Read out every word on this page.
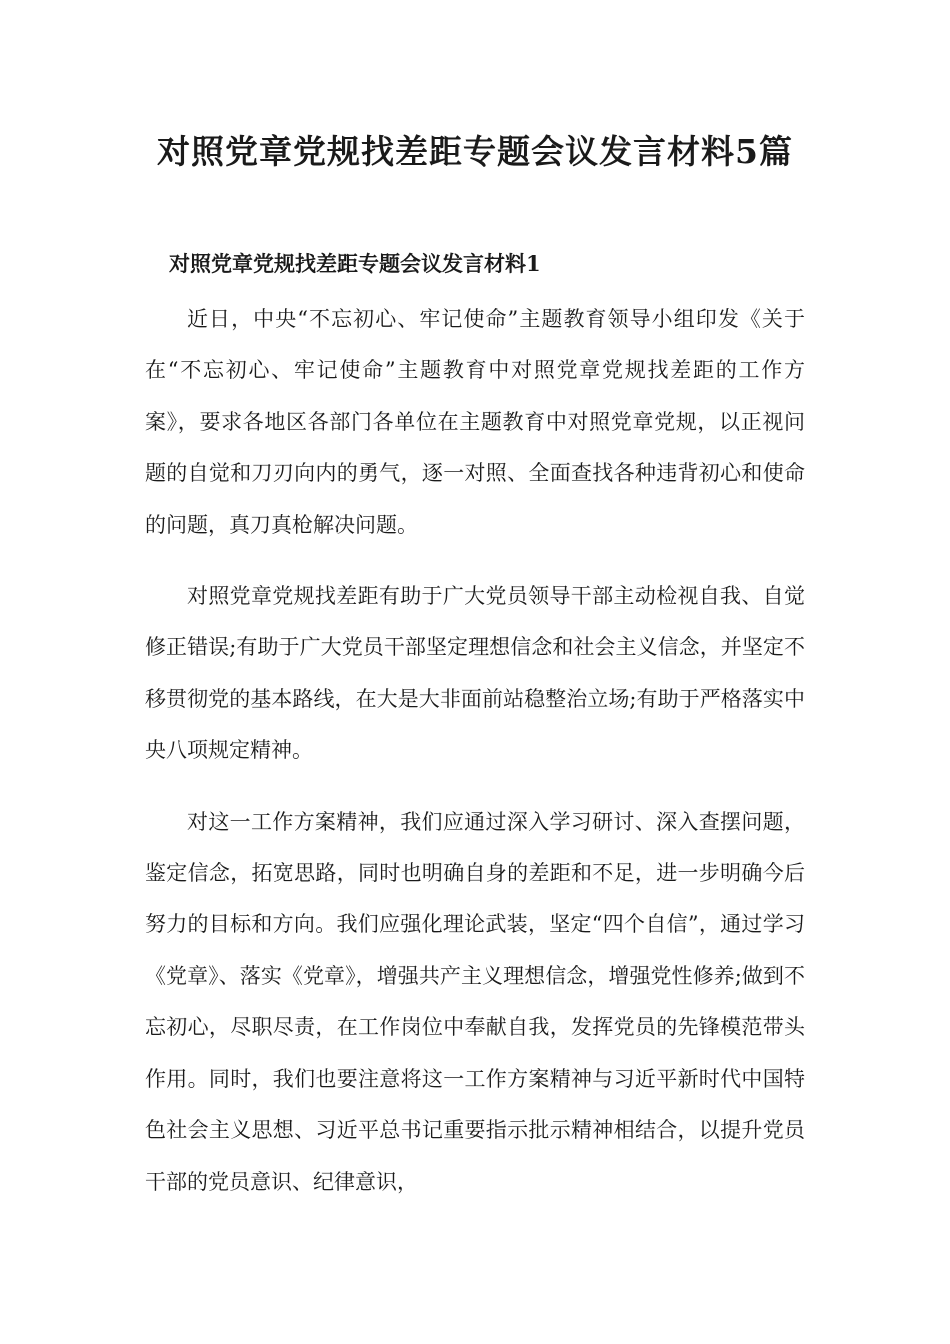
对照党章党规找差距专题会议发言材料5篇
对照党章党规找差距专题会议发言材料1

近日，中央“不忘初心、牢记使命”主题教育领导小组印发《关于在“不忘初心、牢记使命”主题教育中对照党章党规找差距的工作方案》，要求各地区各部门各单位在主题教育中对照党章党规，以正视问题的自觉和刀刃向内的勇气，逐一对照、全面查找各种违背初心和使命的问题，真刀真枪解决问题。

对照党章党规找差距有助于广大党员领导干部主动检视自我、自觉修正错误;有助于广大党员干部坚定理想信念和社会主义信念，并坚定不移贯彻党的基本路线，在大是大非面前站稳整治立场;有助于严格落实中央八项规定精神。

对这一工作方案精神，我们应通过深入学习研讨、深入查摆问题，鉴定信念，拓宽思路，同时也明确自身的差距和不足，进一步明确今后努力的目标和方向。我们应强化理论武装，坚定“四个自信”，通过学习《党章》、落实《党章》，增强共产主义理想信念，增强党性修养;做到不忘初心，尽职尽责，在工作岗位中奉献自我，发挥党员的先锋模范带头作用。同时，我们也要注意将这一工作方案精神与习近平新时代中国特色社会主义思想、习近平总书记重要指示批示精神相结合，以提升党员干部的党员意识、纪律意识，
